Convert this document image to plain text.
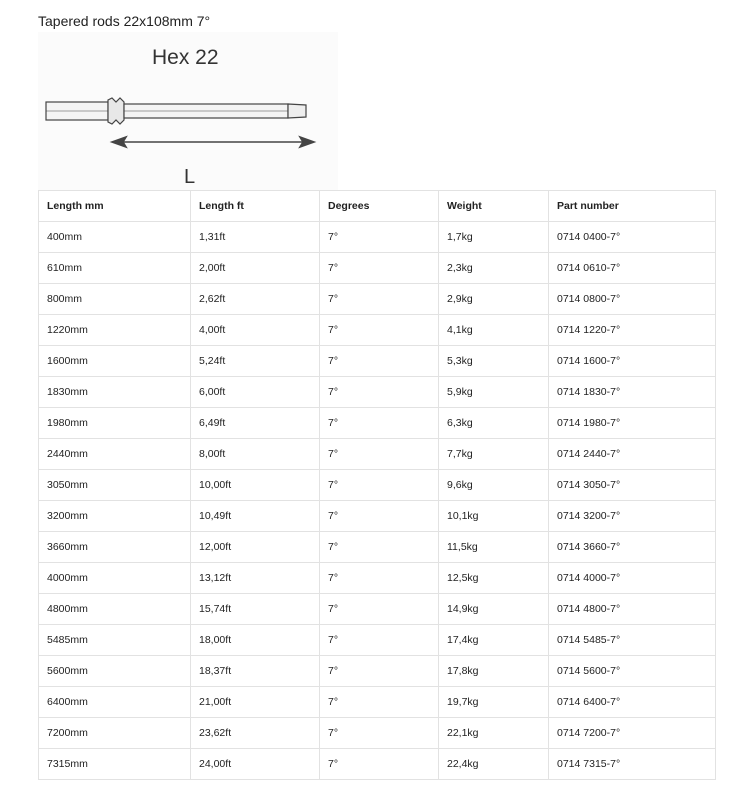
Tapered rods 22x108mm 7°
Hex 22
L
Length mm	Length ft	Degrees	Weight	Part number
400mm	1,31ft	7°	1,7kg	0714 0400-7°
610mm	2,00ft	7°	2,3kg	0714 0610-7°
800mm	2,62ft	7°	2,9kg	0714 0800-7°
1220mm	4,00ft	7°	4,1kg	0714 1220-7°
1600mm	5,24ft	7°	5,3kg	0714 1600-7°
1830mm	6,00ft	7°	5,9kg	0714 1830-7°
1980mm	6,49ft	7°	6,3kg	0714 1980-7°
2440mm	8,00ft	7°	7,7kg	0714 2440-7°
3050mm	10,00ft	7°	9,6kg	0714 3050-7°
3200mm	10,49ft	7°	10,1kg	0714 3200-7°
3660mm	12,00ft	7°	11,5kg	0714 3660-7°
4000mm	13,12ft	7°	12,5kg	0714 4000-7°
4800mm	15,74ft	7°	14,9kg	0714 4800-7°
5485mm	18,00ft	7°	17,4kg	0714 5485-7°
5600mm	18,37ft	7°	17,8kg	0714 5600-7°
6400mm	21,00ft	7°	19,7kg	0714 6400-7°
7200mm	23,62ft	7°	22,1kg	0714 7200-7°
7315mm	24,00ft	7°	22,4kg	0714 7315-7°
